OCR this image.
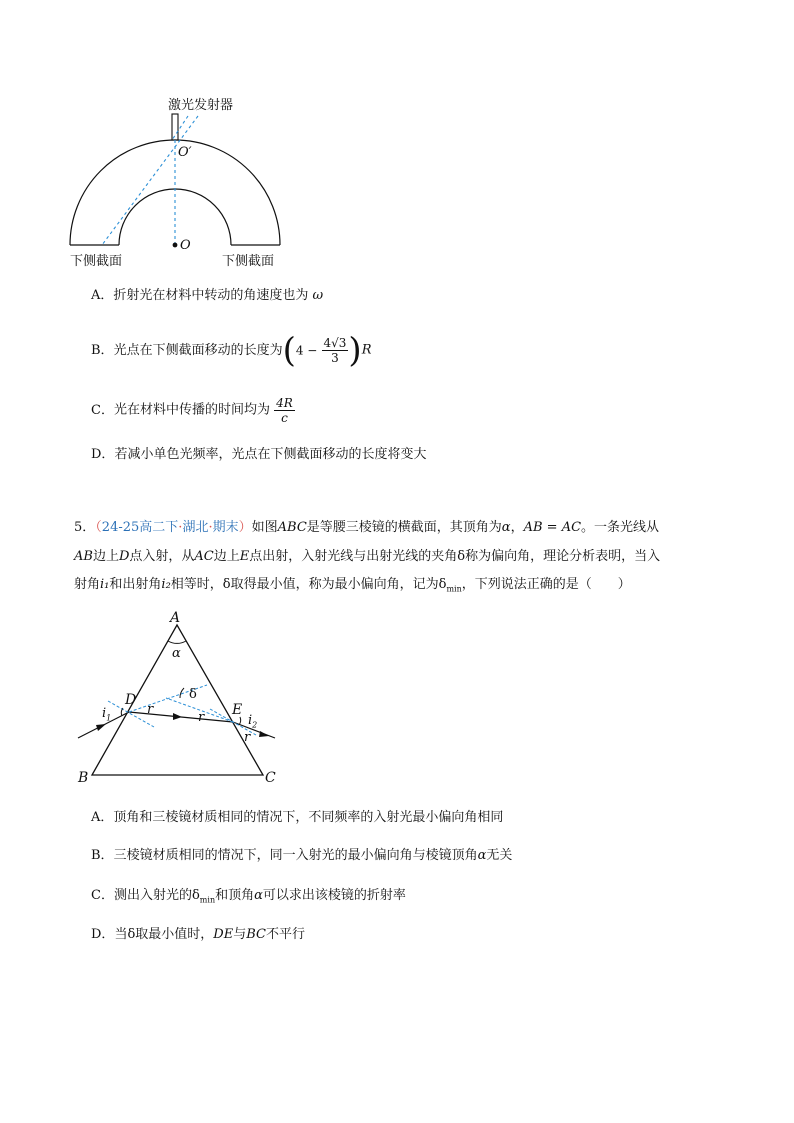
激光发射器
O′
O
下侧截面	下侧截面
A．折射光在材料中转动的角速度也为 ω
B．光点在下侧截面移动的长度为$(4 - \frac{4√3}{3} )R$
C．光在材料中传播的时间均为 $\frac{4R}{c}$
D．若减小单色光频率，光点在下侧截面移动的长度将变大
5．（24-25高二下·湖北·期末）如图ABC是等腰三棱镜的横截面，其顶角为α，AB = AC。一条光线从
AB边上D点入射，从AC边上E点出射，入射光线与出射光线的夹角δ称为偏向角，理论分析表明，当入
射角i₁和出射角i₂相等时，δ取得最小值，称为最小偏向角，记为$\delta_{min}$，下列说法正确的是（　　）
A
B	C
D
E
α
δ
$i_1$	$i_2$
r
r
r
A．顶角和三棱镜材质相同的情况下，不同频率的入射光最小偏向角相同
B．三棱镜材质相同的情况下，同一入射光的最小偏向角与棱镜顶角α无关
C．测出入射光的$\delta_{min}$和顶角α可以求出该棱镜的折射率
D．当δ取最小值时，DE与BC不平行
